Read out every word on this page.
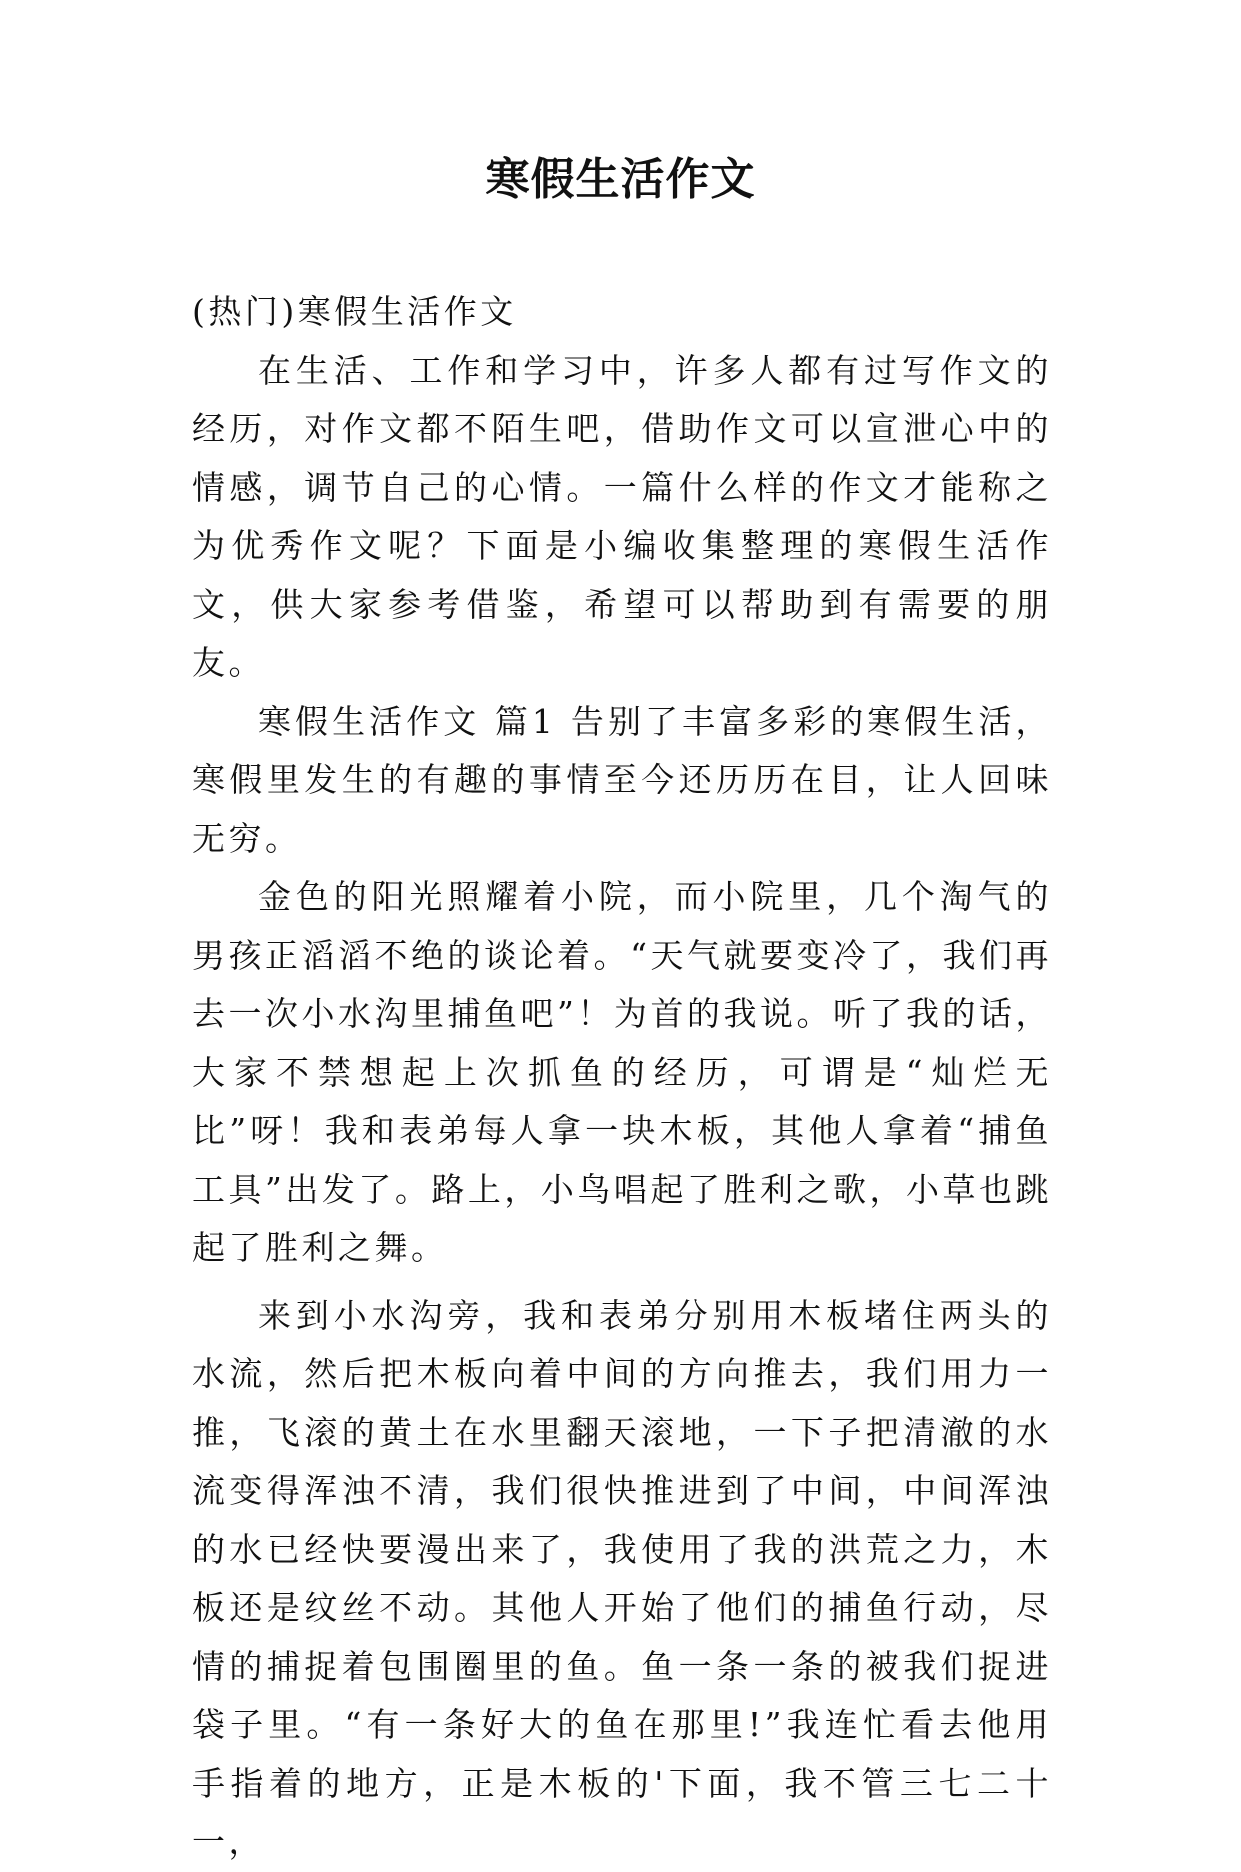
寒假生活作文

(热门)寒假生活作文

在生活、工作和学习中，许多人都有过写作文的经历，对作文都不陌生吧，借助作文可以宣泄心中的情感，调节自己的心情。一篇什么样的作文才能称之为优秀作文呢？下面是小编收集整理的寒假生活作文，供大家参考借鉴，希望可以帮助到有需要的朋友。

寒假生活作文 篇1 告别了丰富多彩的寒假生活，寒假里发生的有趣的事情至今还历历在目，让人回味无穷。

金色的阳光照耀着小院，而小院里，几个淘气的男孩正滔滔不绝的谈论着。“天气就要变冷了，我们再去一次小水沟里捕鱼吧”！为首的我说。听了我的话，大家不禁想起上次抓鱼的经历，可谓是“灿烂无比”呀！我和表弟每人拿一块木板，其他人拿着“捕鱼工具”出发了。路上，小鸟唱起了胜利之歌，小草也跳起了胜利之舞。

来到小水沟旁，我和表弟分别用木板堵住两头的水流，然后把木板向着中间的方向推去，我们用力一推，飞滚的黄土在水里翻天滚地，一下子把清澈的水流变得浑浊不清，我们很快推进到了中间，中间浑浊的水已经快要漫出来了，我使用了我的洪荒之力，木板还是纹丝不动。其他人开始了他们的捕鱼行动，尽情的捕捉着包围圈里的鱼。鱼一条一条的被我们捉进袋子里。“有一条好大的鱼在那里!”我连忙看去他用手指着的地方，正是木板的'下面，我不管三七二十一，
